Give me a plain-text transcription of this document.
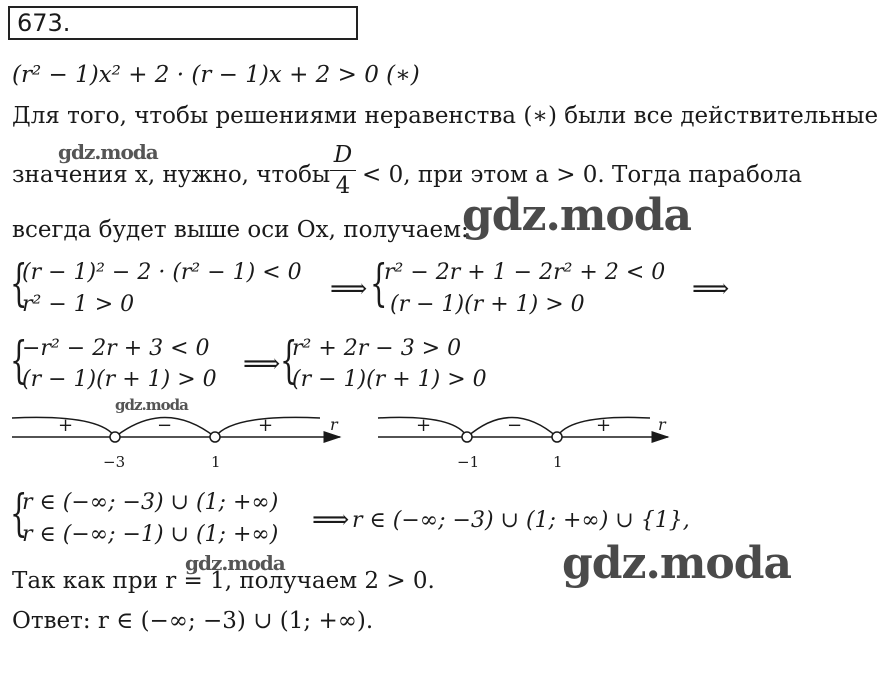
673.
(r² − 1)x² + 2 · (r − 1)x + 2 > 0 (∗)
Для того, чтобы решениями неравенства (∗) были все действительные
значения x, нужно, чтобы
D
4 < 0, при этом a > 0. Тогда парабола
всегда будет выше оси Ox, получаем:
{
(r − 1)² − 2 · (r² − 1) < 0
r² − 1 > 0
⟹ {
r² − 2r + 1 − 2r² + 2 < 0
(r − 1)(r + 1) > 0
⟹
{
−r² − 2r + 3 < 0
(r − 1)(r + 1) > 0
⟹ {
r² + 2r − 3 > 0
(r − 1)(r + 1) > 0
+	−	+	r
−3	1
+	−	+	r
−1	1
{
r ∈ (−∞; −3) ∪ (1; +∞)
r ∈ (−∞; −1) ∪ (1; +∞) ⟹ r ∈ (−∞; −3) ∪ (1; +∞) ∪ {1},
Так как при r = 1, получаем 2 > 0.
Ответ: r ∈ (−∞; −3) ∪ (1; +∞).
gdz.moda
gdz.moda
gdz.moda
gdz.moda
gdz.moda
